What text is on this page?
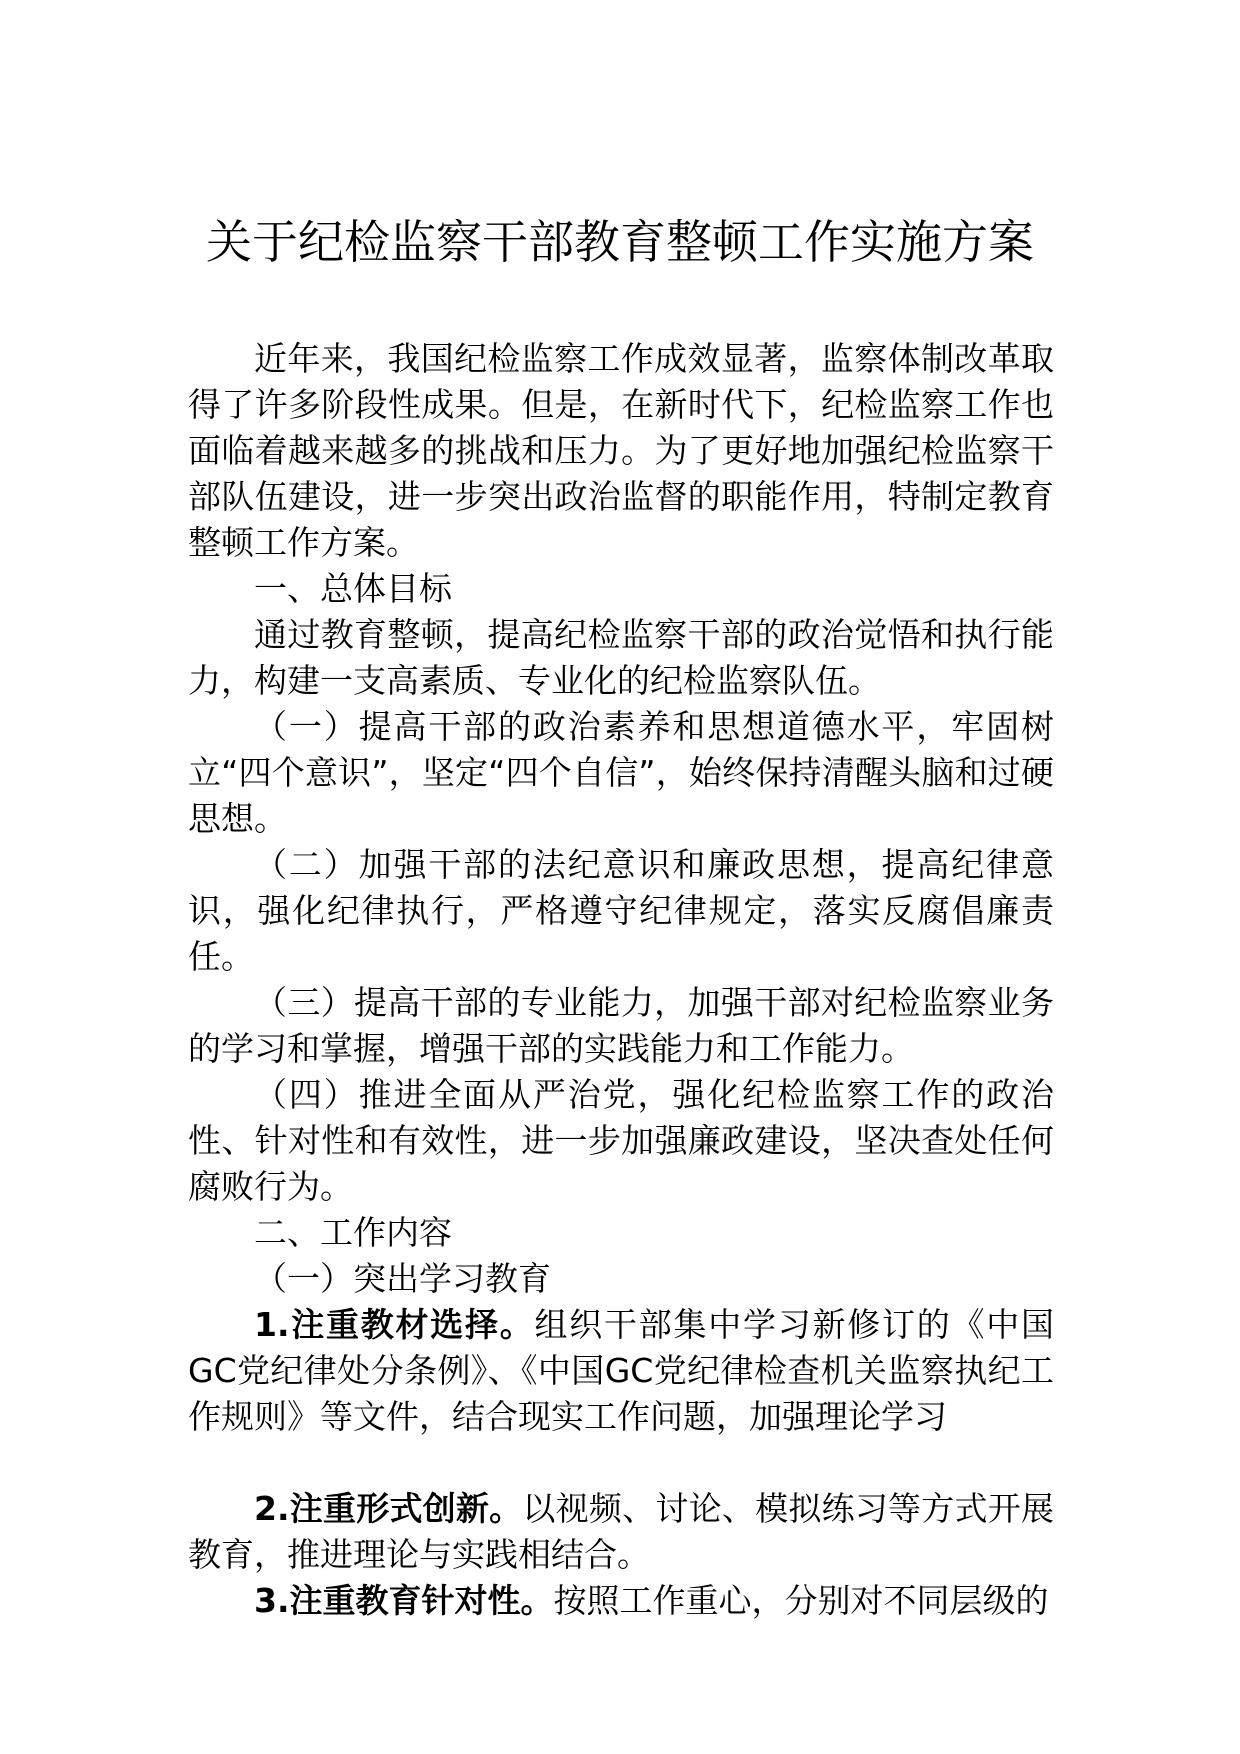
关于纪检监察干部教育整顿工作实施方案

近年来，我国纪检监察工作成效显著，监察体制改革取得了许多阶段性成果。但是，在新时代下，纪检监察工作也面临着越来越多的挑战和压力。为了更好地加强纪检监察干部队伍建设，进一步突出政治监督的职能作用，特制定教育整顿工作方案。

一、总体目标

通过教育整顿，提高纪检监察干部的政治觉悟和执行能力，构建一支高素质、专业化的纪检监察队伍。

（一）提高干部的政治素养和思想道德水平，牢固树立“四个意识”，坚定“四个自信”，始终保持清醒头脑和过硬思想。

（二）加强干部的法纪意识和廉政思想，提高纪律意识，强化纪律执行，严格遵守纪律规定，落实反腐倡廉责任。

（三）提高干部的专业能力，加强干部对纪检监察业务的学习和掌握，增强干部的实践能力和工作能力。

（四）推进全面从严治党，强化纪检监察工作的政治性、针对性和有效性，进一步加强廉政建设，坚决查处任何腐败行为。

二、工作内容

（一）突出学习教育

1.注重教材选择。组织干部集中学习新修订的《中国GC党纪律处分条例》、《中国GC党纪律检查机关监察执纪工作规则》等文件，结合现实工作问题，加强理论学习

2.注重形式创新。以视频、讨论、模拟练习等方式开展教育，推进理论与实践相结合。

3.注重教育针对性。按照工作重心，分别对不同层级的
